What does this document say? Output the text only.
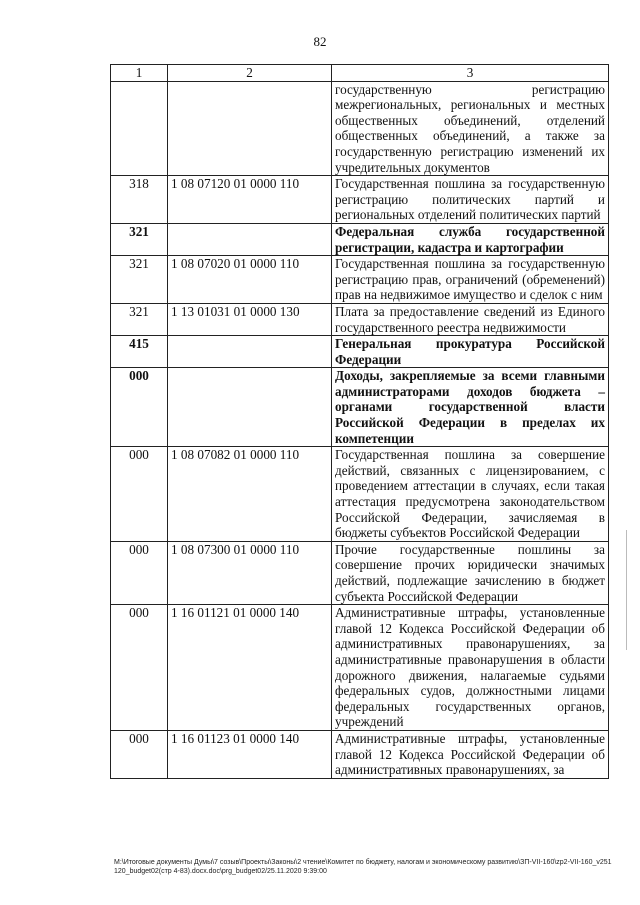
82
1	2	3
		государственную регистрацию межрегиональных, региональных и местных общественных объединений, отделений общественных объединений, а также за государственную регистрацию изменений их учредительных документов
318	1 08 07120 01 0000 110	Государственная пошлина за государственную регистрацию политических партий и региональных отделений политических партий
321		Федеральная служба государственной регистрации, кадастра и картографии
321	1 08 07020 01 0000 110	Государственная пошлина за государственную регистрацию прав, ограничений (обременений) прав на недвижимое имущество и сделок с ним
321	1 13 01031 01 0000 130	Плата за предоставление сведений из Единого государственного реестра недвижимости
415		Генеральная прокуратура Российской Федерации
000		Доходы, закрепляемые за всеми главными администраторами доходов бюджета – органами государственной власти Российской Федерации в пределах их компетенции
000	1 08 07082 01 0000 110	Государственная пошлина за совершение действий, связанных с лицензированием, с проведением аттестации в случаях, если такая аттестация предусмотрена законодательством Российской Федерации, зачисляемая в бюджеты субъектов Российской Федерации
000	1 08 07300 01 0000 110	Прочие государственные пошлины за совершение прочих юридически значимых действий, подлежащие зачислению в бюджет субъекта Российской Федерации
000	1 16 01121 01 0000 140	Административные штрафы, установленные главой 12 Кодекса Российской Федерации об административных правонарушениях, за административные правонарушения в области дорожного движения, налагаемые судьями федеральных судов, должностными лицами федеральных государственных органов, учреждений
000	1 16 01123 01 0000 140	Административные штрафы, установленные главой 12 Кодекса Российской Федерации об административных правонарушениях, за
M:\Итоговые документы Думы\7 созыв\Проекты\Законы\2 чтение\Комитет по бюджету, налогам и экономическому развитию\ЗП-VII-160\zp2-VII-160_v251120_budget02(стр 4-83).docx.doc\prg_budget02/25.11.2020 9:39:00
